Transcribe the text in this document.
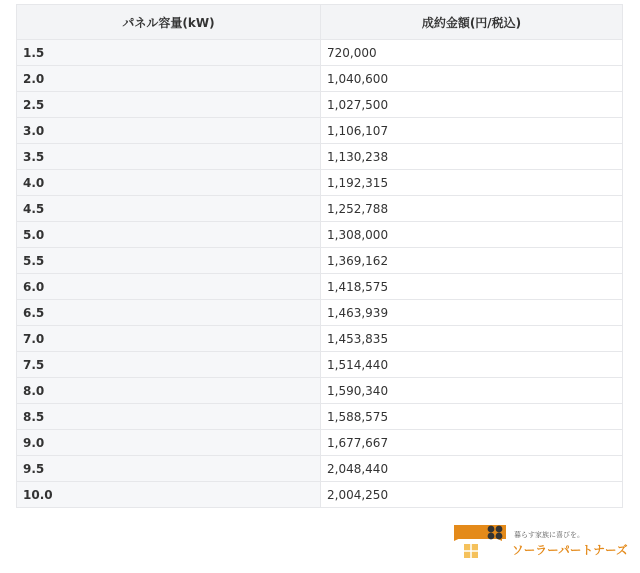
パネル容量(kW)	成約金額(円/税込)
1.5	720,000
2.0	1,040,600
2.5	1,027,500
3.0	1,106,107
3.5	1,130,238
4.0	1,192,315
4.5	1,252,788
5.0	1,308,000
5.5	1,369,162
6.0	1,418,575
6.5	1,463,939
7.0	1,453,835
7.5	1,514,440
8.0	1,590,340
8.5	1,588,575
9.0	1,677,667
9.5	2,048,440
10.0	2,004,250
暮らす家族に喜びを。
ソーラーパートナーズ
